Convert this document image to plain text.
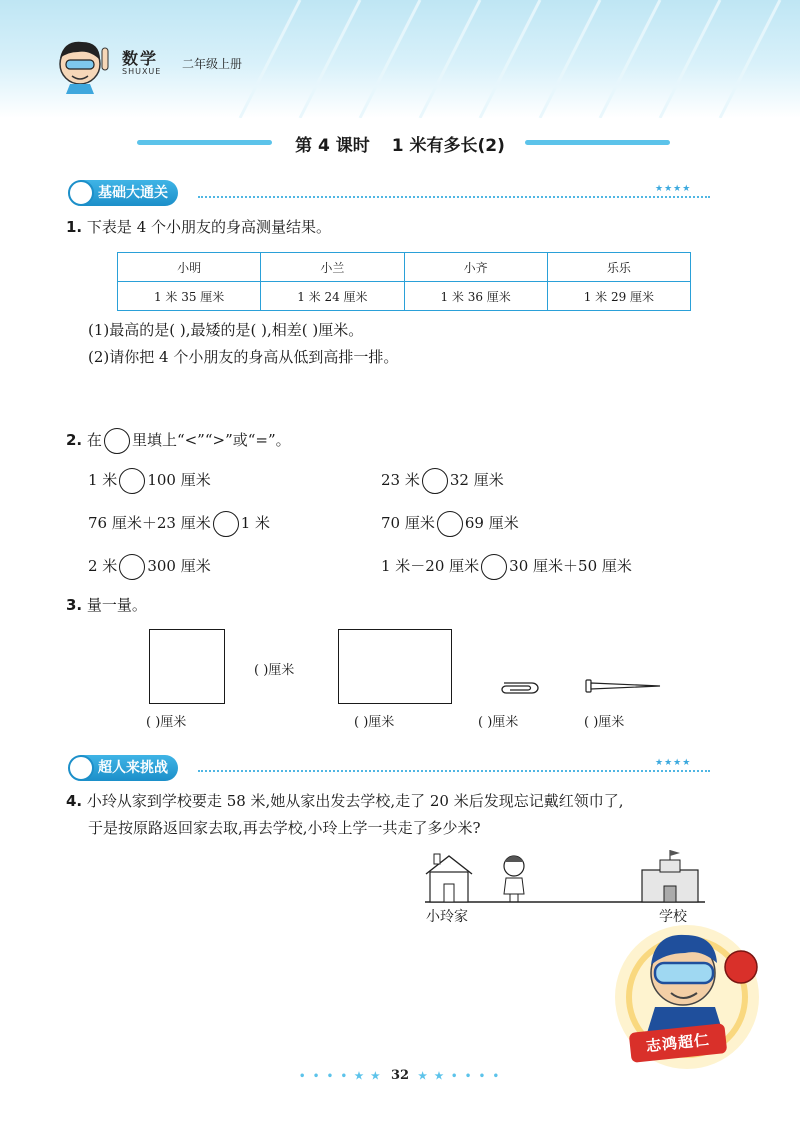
数学
SHUXUE
二年级上册
第 4 课时 1 米有多长(2)
基础大通关	★★★★
1. 下表是 4 个小朋友的身高测量结果。
小明	小兰	小齐	乐乐
1 米 35 厘米	1 米 24 厘米	1 米 36 厘米	1 米 29 厘米
(1)最高的是( ),最矮的是( ),相差( )厘米。
(2)请你把 4 个小朋友的身高从低到高排一排。
2. 在 里填上“<”“>”或“=”。
1 米 100 厘米	23 米 32 厘米
76 厘米＋23 厘米 1 米	70 厘米 69 厘米
2 米 300 厘米	1 米－20 厘米 30 厘米＋50 厘米
3. 量一量。
( )厘米
( )厘米	( )厘米	( )厘米	( )厘米
超人来挑战	★★★★
4. 小玲从家到学校要走 58 米,她从家出发去学校,走了 20 米后发现忘记戴红领巾了,
于是按原路返回家去取,再去学校,小玲上学一共走了多少米?
小玲家	学校
志鸿超仁
• • • • ★ ★ 32 ★ ★ • • • •
